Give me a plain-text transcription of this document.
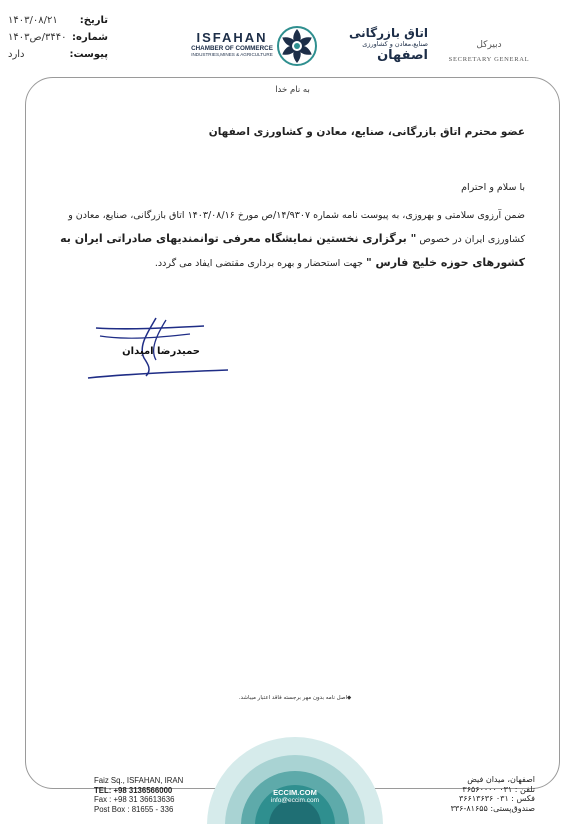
تاریخ:
۱۴۰۳/۰۸/۲۱
شماره:
۳۴۴۰/ص۱۴۰۳
پیوست:
دارد
ISFAHAN
CHAMBER OF COMMERCE
INDUSTRIES,MINES & AGRICULTURE
اتاق بازرگانی
صنایع،معادن و کشاورزی
اصفهان
دبیرکل
SECRETARY GENERAL
به نام خدا
عضو محترم اتاق بازرگانی، صنایع، معادن و کشاورزی اصفهان
با سلام و احترام
ضمن آرزوی سلامتی و بهروزی، به پیوست نامه شماره ۱۴/۹۳۰۷/ص مورخ ۱۴۰۳/۰۸/۱۶ اتاق بازرگانی، صنایع، معادن و کشاورزی ایران در خصوص " برگزاری نخستین نمایشگاه معرفی توانمندیهای صادراتی ایران به کشورهای حوزه خلیج فارس " جهت استحضار و بهره برداری مقتضی ایفاد می گردد.
حمیدرضا امیدان
◆اصل نامه بدون مهر برجسته فاقد اعتبار میباشد.
ECCIM.COM
info@eccim.com
Faiz Sq., ISFAHAN, IRAN
TEL: +98 3136566000
Fax : +98 31 36613636
Post Box : 81655 - 336
اصفهان، میدان فیض
تلفن : ۰۳۱ ۳۶۵۶۰۰۰۰
فکس : ۰۳۱ ۳۶۶۱۳۶۳۶
صندوق‌پستی: ۸۱۶۵۵-۳۳۶
